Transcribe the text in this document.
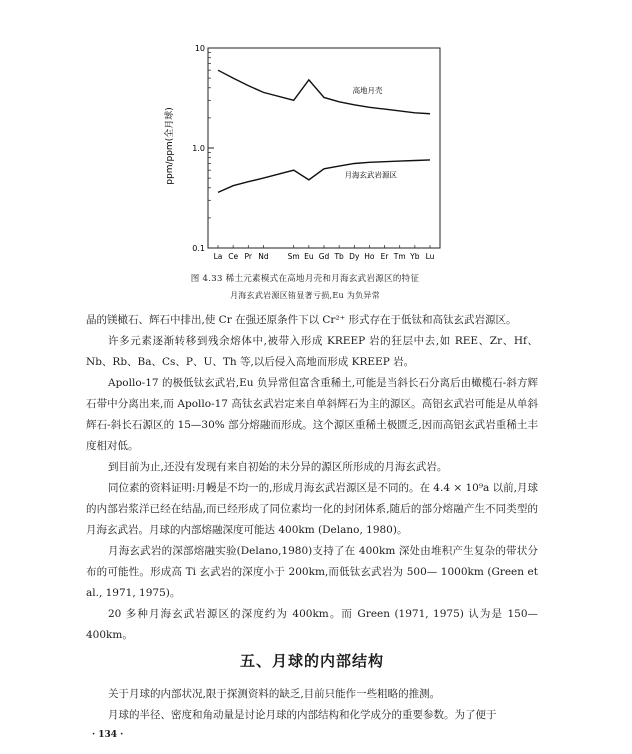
10
1.0
0.1
La Ce Pr Nd	Sm Eu Gd Tb Dy Ho Er Tm Yb Lu
高地月壳
月海玄武岩源区
ppm/ppm(全月球)
图 4.33 稀土元素模式在高地月壳和月海玄武岩源区的特征
月海玄武岩源区铕显著亏损,Eu 为负异常

晶的镁橄石、辉石中排出,使 Cr 在强还原条件下以 Cr²⁺ 形式存在于低钛和高钛玄武岩源区。

许多元素逐渐转移到残余熔体中,被带入形成 KREEP 岩的狂层中去,如 REE、Zr、Hf、Nb、Rb、Ba、Cs、P、U、Th 等,以后侵入高地而形成 KREEP 岩。

Apollo-17 的极低钛玄武岩,Eu 负异常但富含重稀土,可能是当斜长石分离后由橄榄石-斜方辉石带中分离出来,而 Apollo-17 高钛玄武岩定来自单斜辉石为主的源区。高铝玄武岩可能是从单斜辉石-斜长石源区的 15—30% 部分熔融而形成。这个源区重稀土极匮乏,因而高铝玄武岩重稀土丰度相对低。

到目前为止,还没有发现有来自初始的未分异的源区所形成的月海玄武岩。

同位素的资料证明:月幔是不均一的,形成月海玄武岩源区是不同的。在 4.4 × 10⁹a 以前,月球的内部岩浆洋已经在结晶,而已经形成了同位素均一化的封闭体系,随后的部分熔融产生不同类型的月海玄武岩。月球的内部熔融深度可能达 400km (Delano, 1980)。

月海玄武岩的深部熔融实验(Delano,1980)支持了在 400km 深处由堆积产生复杂的带状分布的可能性。形成高 Ti 玄武岩的深度小于 200km,而低钛玄武岩为 500— 1000km (Green et al., 1971, 1975)。

20 多种月海玄武岩源区的深度约为 400km。而 Green (1971, 1975) 认为是 150—400km。

五、月球的内部结构

关于月球的内部状况,限于探测资料的缺乏,目前只能作一些粗略的推测。

月球的半径、密度和角动量是讨论月球的内部结构和化学成分的重要参数。为了便于

· 134 ·
